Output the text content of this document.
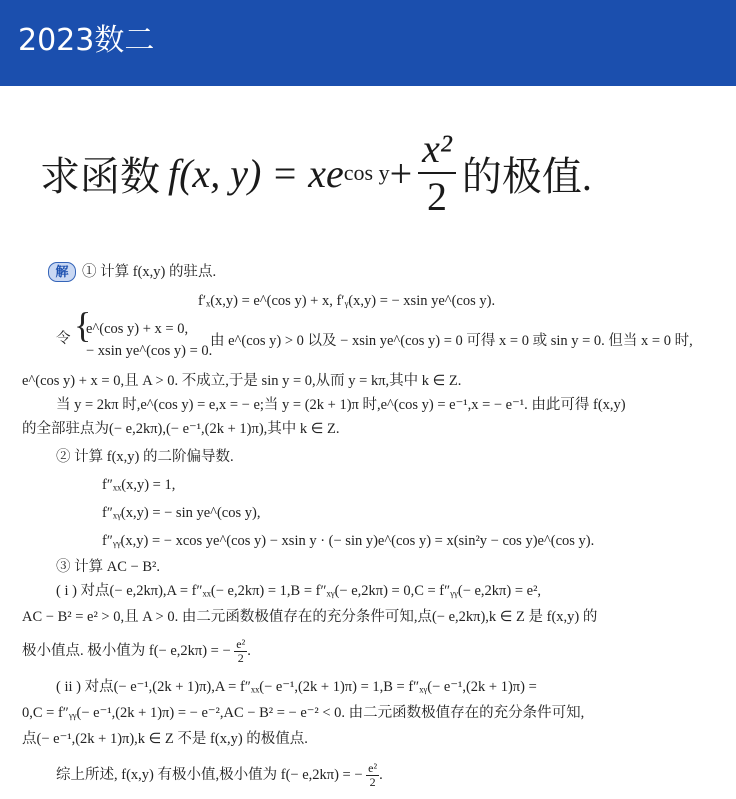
2023数二
求函数 f(x, y) = xe $\cos y + \frac{\text{x²}}{2}$ 的极值.
解 ① 计算 f(x,y) 的驻点.
f′ₓ(x,y) = e^(cos y) + x, f′ᵧ(x,y) = − xsin ye^(cos y).
令 {
e^(cos y) + x = 0,
− xsin ye^(cos y) = 0.
由 e^(cos y) > 0 以及 − xsin ye^(cos y) = 0 可得 x = 0 或 sin y = 0. 但当 x = 0 时,
e^(cos y) + x = 0,且 A > 0. 不成立,于是 sin y = 0,从而 y = kπ,其中 k ∈ Z.
当 y = 2kπ 时,e^(cos y) = e,x = − e;当 y = (2k + 1)π 时,e^(cos y) = e⁻¹,x = − e⁻¹. 由此可得 f(x,y)
的全部驻点为(− e,2kπ),(− e⁻¹,(2k + 1)π),其中 k ∈ Z.
② 计算 f(x,y) 的二阶偏导数.
f″ₓₓ(x,y) = 1,
f″ₓᵧ(x,y) = − sin ye^(cos y),
f″ᵧᵧ(x,y) = − xcos ye^(cos y) − xsin y · (− sin y)e^(cos y) = x(sin²y − cos y)e^(cos y).
③ 计算 AC − B².
( i ) 对点(− e,2kπ),A = f″ₓₓ(− e,2kπ) = 1,B = f″ₓᵧ(− e,2kπ) = 0,C = f″ᵧᵧ(− e,2kπ) = e²,
AC − B² = e² > 0,且 A > 0. 由二元函数极值存在的充分条件可知,点(− e,2kπ),k ∈ Z 是 f(x,y) 的
极小值点. 极小值为 f(− e,2kπ) = − $\frac{\text{e²}}{2}$ .
( ii ) 对点(− e⁻¹,(2k + 1)π),A = f″ₓₓ(− e⁻¹,(2k + 1)π) = 1,B = f″ₓᵧ(− e⁻¹,(2k + 1)π) =
0,C = f″ᵧᵧ(− e⁻¹,(2k + 1)π) = − e⁻²,AC − B² = − e⁻² < 0. 由二元函数极值存在的充分条件可知,
点(− e⁻¹,(2k + 1)π),k ∈ Z 不是 f(x,y) 的极值点.
综上所述, f(x,y) 有极小值,极小值为 f(− e,2kπ) = − $\frac{\text{e²}}{2}$ .
